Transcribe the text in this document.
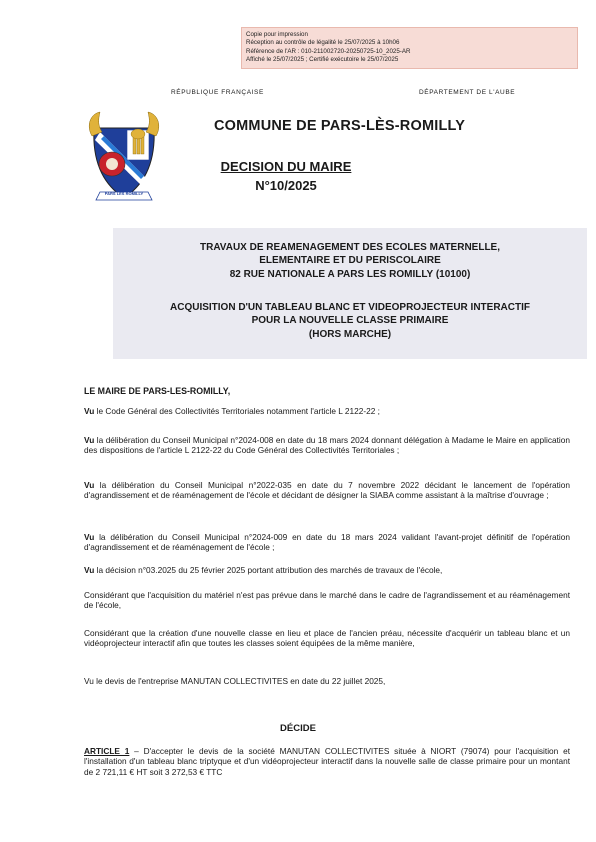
Copie pour impression
Réception au contrôle de légalité le 25/07/2025 à 10h06
Référence de l'AR : 010-211002720-20250725-10_2025-AR
Affiché le 25/07/2025 ; Certifié exécutoire le 25/07/2025
RÉPUBLIQUE FRANÇAISE	DÉPARTEMENT DE L'AUBE
PARS LES ROMILLY
COMMUNE DE PARS-LÈS-ROMILLY
DECISION DU MAIRE
N°10/2025
TRAVAUX DE REAMENAGEMENT DES ECOLES MATERNELLE,
ELEMENTAIRE ET DU PERISCOLAIRE
82 RUE NATIONALE A PARS LES ROMILLY (10100)
ACQUISITION D'UN TABLEAU BLANC ET VIDEOPROJECTEUR INTERACTIF
POUR LA NOUVELLE CLASSE PRIMAIRE
(HORS MARCHE)
LE MAIRE DE PARS-LES-ROMILLY,
Vu le Code Général des Collectivités Territoriales notamment l'article L 2122-22 ;
Vu la délibération du Conseil Municipal n°2024-008 en date du 18 mars 2024 donnant délégation à Madame le Maire en application des dispositions de l'article L 2122-22 du Code Général des Collectivités Territoriales ;
Vu la délibération du Conseil Municipal n°2022-035 en date du 7 novembre 2022 décidant le lancement de l'opération d'agrandissement et de réaménagement de l'école et décidant de désigner la SIABA comme assistant à la maîtrise d'ouvrage ;
Vu la délibération du Conseil Municipal n°2024-009 en date du 18 mars 2024 validant l'avant-projet définitif de l'opération d'agrandissement et de réaménagement de l'école ;
Vu la décision n°03.2025 du 25 février 2025 portant attribution des marchés de travaux de l'école,
Considérant que l'acquisition du matériel n'est pas prévue dans le marché dans le cadre de l'agrandissement et au réaménagement de l'école,
Considérant que la création d'une nouvelle classe en lieu et place de l'ancien préau, nécessite d'acquérir un tableau blanc et un vidéoprojecteur interactif afin que toutes les classes soient équipées de la même manière,
Vu le devis de l'entreprise MANUTAN COLLECTIVITES en date du 22 juillet 2025,
DÉCIDE
ARTICLE 1 – D'accepter le devis de la société MANUTAN COLLECTIVITES située à NIORT (79074) pour l'acquisition et l'installation d'un tableau blanc triptyque et d'un vidéoprojecteur interactif dans la nouvelle salle de classe primaire pour un montant de 2 721,11 € HT soit 3 272,53 € TTC
